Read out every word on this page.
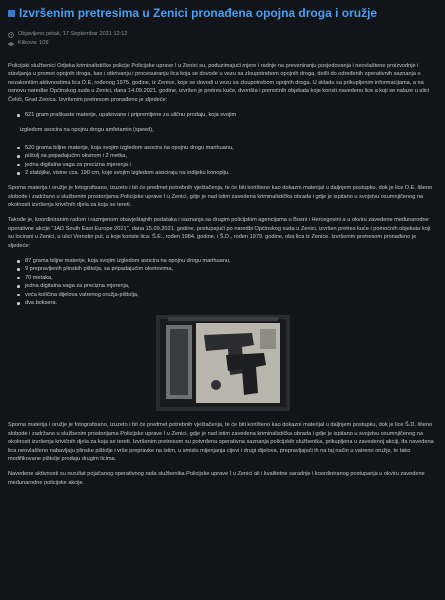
Izvršenim pretresima u Zenici pronađena opojna droga i oružje
Objavljeno petak, 17 Septembar 2021 12:12
Klikova: 109

Policijski službenici Odjeka kriminalističke policije Policijske uprave I u Zenici su, poduzimajući mjere i radnje na preveniranju posjedovanja i neovlaštene proizvodnje i stavljanja u promet opojnih droga, kao i otkrivanju i procesuiranju lica koja se dovode u vezu sa zloupotrebom opojnih droga, došli do određenih operativnih saznanja o nezakonitim aktivnostima lica D.E, rođenog 1975. godine, iz Zenice, koje se dovodi u vezu sa zloupotrebom opojnih droga. U skladu sa prikupljenim informacijama, a na osnovu naredbe Općinskog suda u Zenici, dana 14.09.2021. godine, izvršen je pretres kuće, dvorišta i pomoćnih objekata koje koristi navedeno lice a koji se nalaze u ulici Čelići, Grad Zenica. Izvršenim pretresom pronađeno je sljedeće:

621 gram praškaste materije, upakovane i pripremljene za uličnu prodaju, koja svojim
izgledom asocira na opojnu drogu amfetamin (speed),
520 grama biljne materije, koja svojim izgledom asocira na opojnu drogu marihuanu,
pištolj sa pripadajućim okvirom i 2 metka,
jedna digitalna vaga za precizna mjerenja i
2 stabljike, visine cca. 190 cm, koje svojim izgledom asociraju na indijsku konoplju.

Sporna materija i oružje je fotografisano, izuzeto i bit će predmet potrebnih vještačenja, te će biti korišteno kao dokazni materijal u daljnjem postupku, dok je lice D.E. lišeno slobode i zadržano u službenim prostorijama Policijske uprave I u Zenici, gdje je nad istim zavedena kriminalistička obrada i gdje je ispitano u svojstvu osumnjičenog na okolnosti izvršenja krivičnih djela za koja se tereti.

Takođe je, koordiniranim radom i razmjenom obavještajnih podataka i saznanja sa drugim policijskim agencijama u Bosni i Hercegovini a u okviru zavedene međunarodne operativne akcije "JAD South East Europe 2021", dana 15.09.2021. godine, postupajući po naredbi Općinskog suda u Zenici, izvršen pretres kuće i pomoćnih objekata koji su locirani u Zenici, u ulici Verostin put, a koje koriste lica: Š.E., rođen 1984. godine, i Š.D., rođen 1979. godine, oba lica iz Zenice. Izvršenim pretresom pronađeno je sljedeće:

87 grama biljne materije, koja svojim izgledom asocira na opojnu drogu marihuanu,
9 prepravljenih plinskih pištolja, sa pripadajućim okvirovima,
70 metaka,
jedna digitalna vaga za precizna mjerenja,
veća količina dijelova vatrenog oružja-pištolja,
dva boksera.

Sporna materija i oružje je fotografisano, izuzeto i bit će predmet potrebnih vještačenja, te će biti korišteno kao dokazni materijal u daljnjem postupku, dok je lice Š.D. lišeno slobode i zadržano u službenim prostorijama Policijske uprave I u Zenici, gdje je nad istim zavedena kriminalistička obrada i gdje je ispitano u svojstvu osumnjičenog na okolnosti izvršenja krivičnih djela za koja se tereti. Izvršenim pretresom su potvrđena operativna saznanja policijskih službenika, prikupljena u zavedenoj akciji, da navedena lica neovlašteno nabavljaju plinske pištolje i vrše prepravke na istim, u smislu mijenjanja cijevi i drugi dijelova, prepravljajući ih na taj način u vatreno oružje, te tako modifikovane pištolje prodaju drugim licima.

Navedene aktivnosti su rezultat pojačanog operativnog rada službenika Policijske uprave I u Zenici ali i kvalitetne saradnje i koordiniranog postupanja u okviru zavedene međunarodne policijske akcije.
